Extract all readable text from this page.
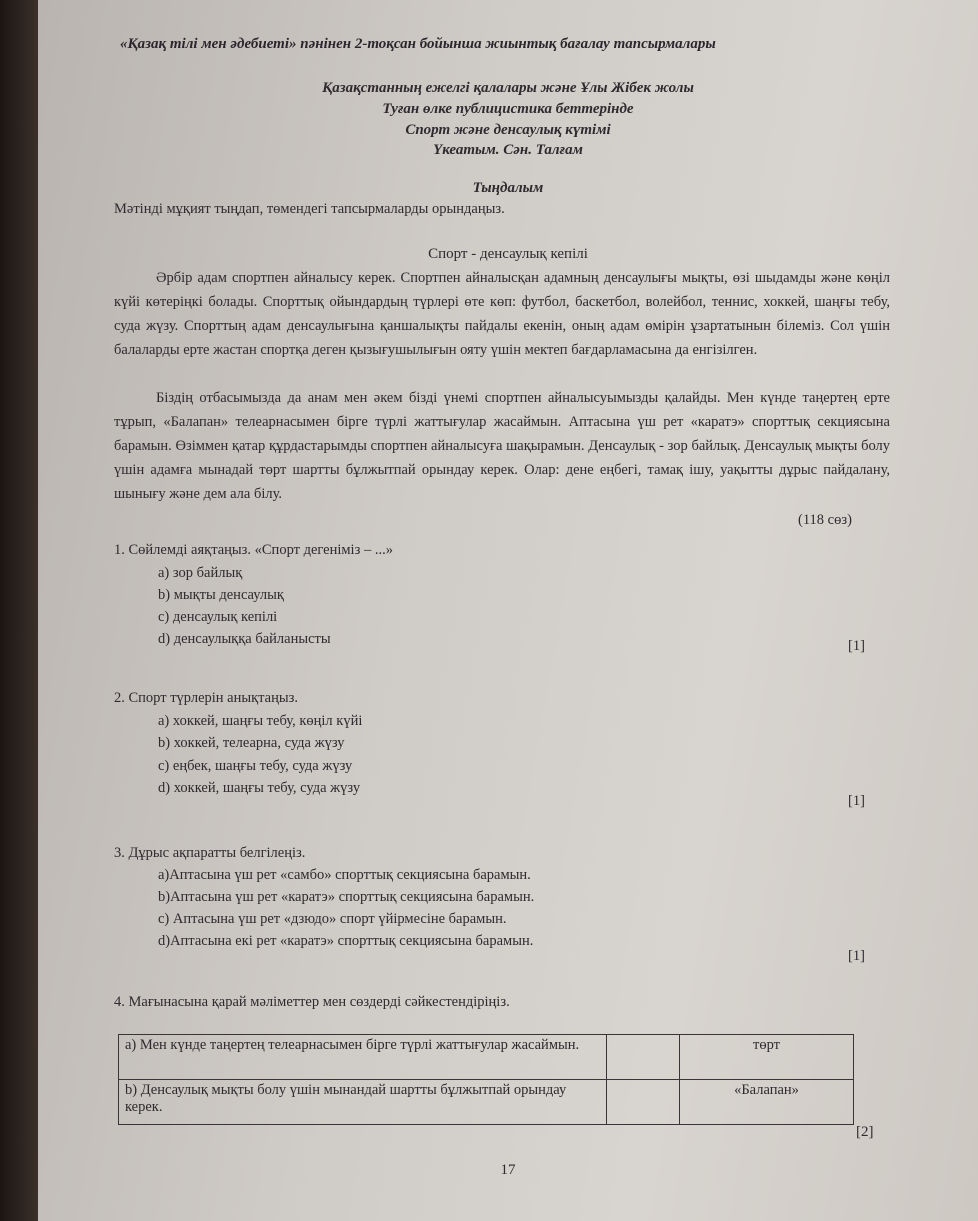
«Қазақ тілі мен әдебиеті» пәнінен 2-тоқсан бойынша жиынтық бағалау тапсырмалары
Қазақстанның ежелгі қалалары және Ұлы Жібек жолы
Туған өлке публицистика беттерінде
Спорт және денсаулық күтімі
Үкеатым. Сән. Талғам
Тыңдалым
Мәтінді мұқият тыңдап, төмендегі тапсырмаларды орындаңыз.
Спорт - денсаулық кепілі
Әрбір адам спортпен айналысу керек. Спортпен айналысқан адамның денсаулығы мықты, өзі шыдамды және көңіл күйі көтеріңкі болады. Спорттық ойындардың түрлері өте көп: футбол, баскетбол, волейбол, теннис, хоккей, шаңғы тебу, суда жүзу. Спорттың адам денсаулығына қаншалықты пайдалы екенін, оның адам өмірін ұзартатынын білеміз. Сол үшін балаларды ерте жастан спортқа деген қызығушылығын ояту үшін мектеп бағдарламасына да енгізілген.
Біздің отбасымызда да анам мен әкем бізді үнемі спортпен айналысуымызды қалайды. Мен күнде таңертең ерте тұрып, «Балапан» телеарнасымен бірге түрлі жаттығулар жасаймын. Аптасына үш рет «каратэ» спорттық секциясына барамын. Өзіммен қатар құрдастарымды спортпен айналысуға шақырамын. Денсаулық - зор байлық. Денсаулық мықты болу үшін адамға мынадай төрт шартты бұлжытпай орындау керек. Олар: дене еңбегі, тамақ ішу, уақытты дұрыс пайдалану, шынығу және дем ала білу.
(118 сөз)
1. Сөйлемді аяқтаңыз. «Спорт дегеніміз – ...»
a) зор байлық
b) мықты денсаулық
c) денсаулық кепілі
d) денсаулыққа байланысты	[1]
2. Спорт түрлерін анықтаңыз.
a) хоккей, шаңғы тебу, көңіл күйі
b) хоккей, телеарна, суда жүзу
c) еңбек, шаңғы тебу, суда жүзу
d) хоккей, шаңғы тебу, суда жүзу
[1]
3. Дұрыс ақпаратты белгілеңіз.
a)Аптасына үш рет «самбо» спорттық секциясына барамын.
b)Аптасына үш рет «каратэ» спорттық секциясына барамын.
c) Аптасына үш рет «дзюдо» спорт үйірмесіне барамын.
d)Аптасына екі рет «каратэ» спорттық секциясына барамын.
[1]
4. Мағынасына қарай мәліметтер мен сөздерді сәйкестендіріңіз.
a) Мен күнде таңертең телеарнасымен бірге түрлі жаттығулар жасаймын.		төрт
b) Денсаулық мықты болу үшін мынандай шартты бұлжытпай орындау керек.		«Балапан»
[2]
17
